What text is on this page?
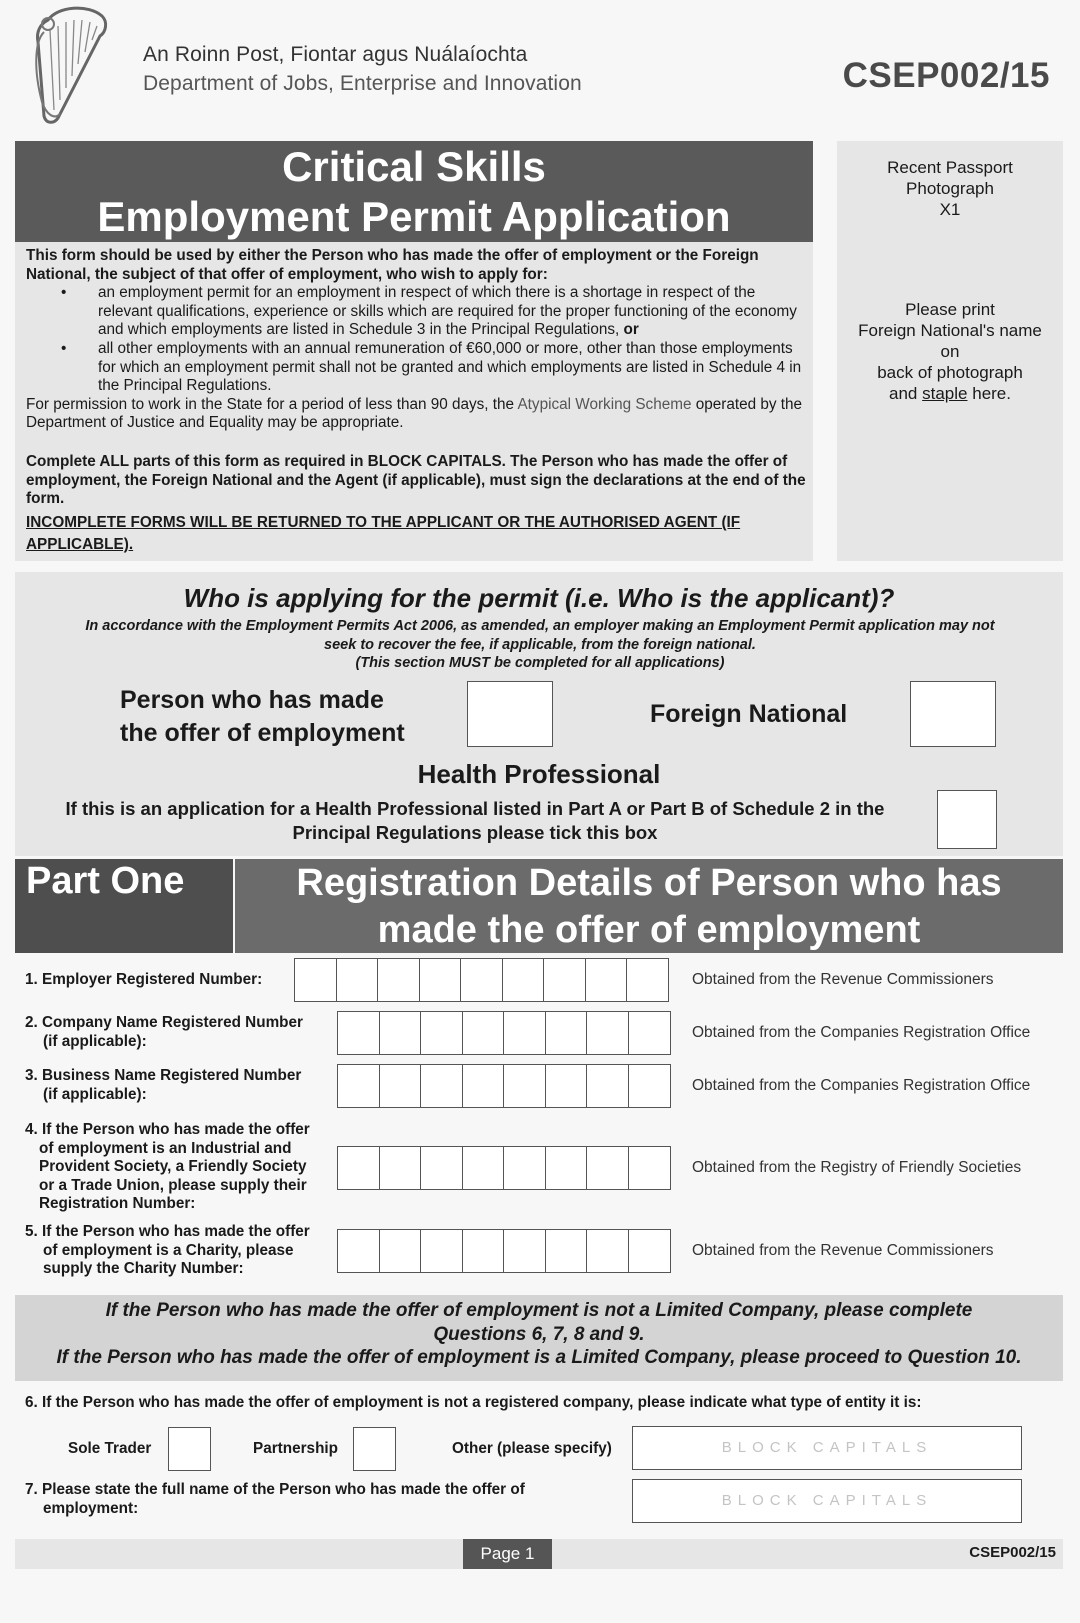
An Roinn Post, Fiontar agus Nuálaíochta
Department of Jobs, Enterprise and Innovation	CSEP002/15
Critical Skills
Employment Permit Application
This form should be used by either the Person who has made the offer of employment or the Foreign National, the subject of that offer of employment, who wish to apply for:
•	an employment permit for an employment in respect of which there is a shortage in respect of the relevant qualifications, experience or skills which are required for the proper functioning of the economy and which employments are listed in Schedule 3 in the Principal Regulations, or
•	all other employments with an annual remuneration of €60,000 or more, other than those employments for which an employment permit shall not be granted and which employments are listed in Schedule 4 in the Principal Regulations.
For permission to work in the State for a period of less than 90 days, the Atypical Working Scheme operated by the Department of Justice and Equality may be appropriate.
Complete ALL parts of this form as required in BLOCK CAPITALS. The Person who has made the offer of employment, the Foreign National and the Agent (if applicable), must sign the declarations at the end of the form.
INCOMPLETE FORMS WILL BE RETURNED TO THE APPLICANT OR THE AUTHORISED AGENT (IF APPLICABLE).
Recent Passport
Photograph
X1
Please print
Foreign National's name
on
back of photograph
and staple here.
Who is applying for the permit (i.e. Who is the applicant)?
In accordance with the Employment Permits Act 2006, as amended, an employer making an Employment Permit application may not
seek to recover the fee, if applicable, from the foreign national.
(This section MUST be completed for all applications)
Person who has made
the offer of employment
Foreign National
Health Professional
If this is an application for a Health Professional listed in Part A or Part B of Schedule 2 in the
Principal Regulations please tick this box
Part One	Registration Details of Person who has
made the offer of employment
1. Employer Registered Number:	Obtained from the Revenue Commissioners
2. Company Name Registered Number
(if applicable):
Obtained from the Companies Registration Office
3. Business Name Registered Number
(if applicable):
Obtained from the Companies Registration Office
4. If the Person who has made the offer
of employment is an Industrial and
Provident Society, a Friendly Society
or a Trade Union, please supply their
Registration Number:
Obtained from the Registry of Friendly Societies
5. If the Person who has made the offer
of employment is a Charity, please
supply the Charity Number:
Obtained from the Revenue Commissioners
If the Person who has made the offer of employment is not a Limited Company, please complete
Questions 6, 7, 8 and 9.
If the Person who has made the offer of employment is a Limited Company, please proceed to Question 10.
6. If the Person who has made the offer of employment is not a registered company, please indicate what type of entity it is:
Sole Trader	Partnership	Other (please specify)	BLOCK CAPITALS
7. Please state the full name of the Person who has made the offer of
employment:	BLOCK CAPITALS
Page 1	CSEP002/15
